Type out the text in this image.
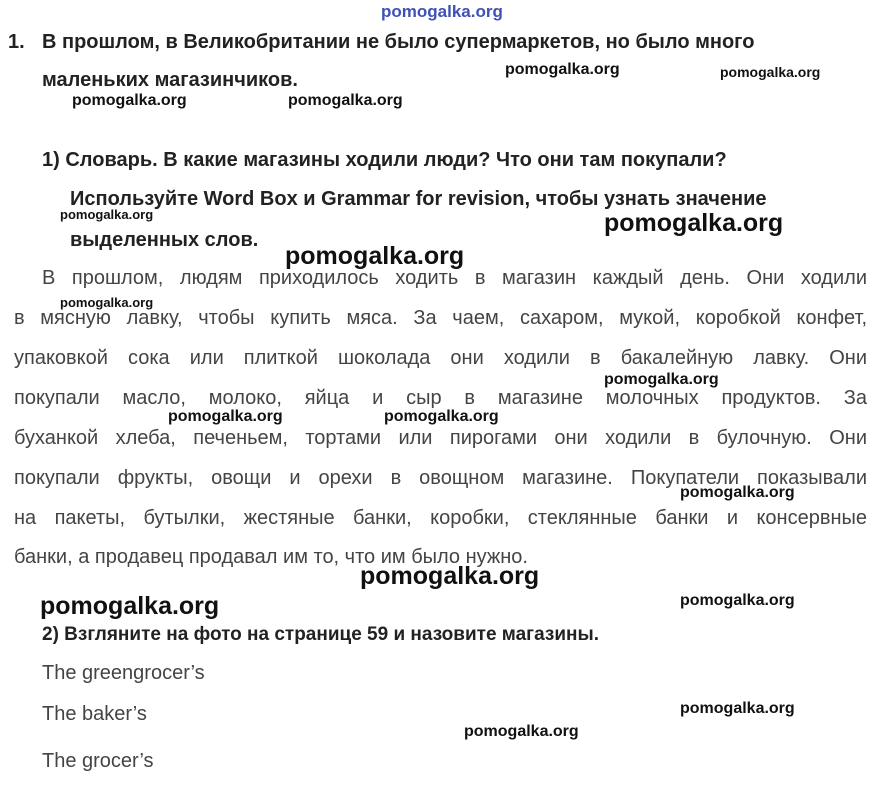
pomogalka.org
1. В прошлом, в Великобритании не было супермаркетов, но было много
маленьких магазинчиков.
1) Словарь. В какие магазины ходили люди? Что они там покупали?
Используйте Word Box и Grammar for revision, чтобы узнать значение
выделенных слов.
В прошлом, людям приходилось ходить в магазин каждый день. Они ходили
в мясную лавку, чтобы купить мяса. За чаем, сахаром, мукой, коробкой конфет,
упаковкой сока или плиткой шоколада они ходили в бакалейную лавку. Они
покупали масло, молоко, яйца и сыр в магазине молочных продуктов. За
буханкой хлеба, печеньем, тортами или пирогами они ходили в булочную. Они
покупали фрукты, овощи и орехи в овощном магазине. Покупатели показывали
на пакеты, бутылки, жестяные банки, коробки, стеклянные банки и консервные
банки, а продавец продавал им то, что им было нужно.
2) Взгляните на фото на странице 59 и назовите магазины.
The greengrocer’s
The baker’s
The grocer’s
pomogalka.org	pomogalka.org
pomogalka.org	pomogalka.org
pomogalka.org	pomogalka.org
pomogalka.org
pomogalka.org
pomogalka.org
pomogalka.org	pomogalka.org
pomogalka.org
pomogalka.org
pomogalka.org	pomogalka.org
pomogalka.org
pomogalka.org
